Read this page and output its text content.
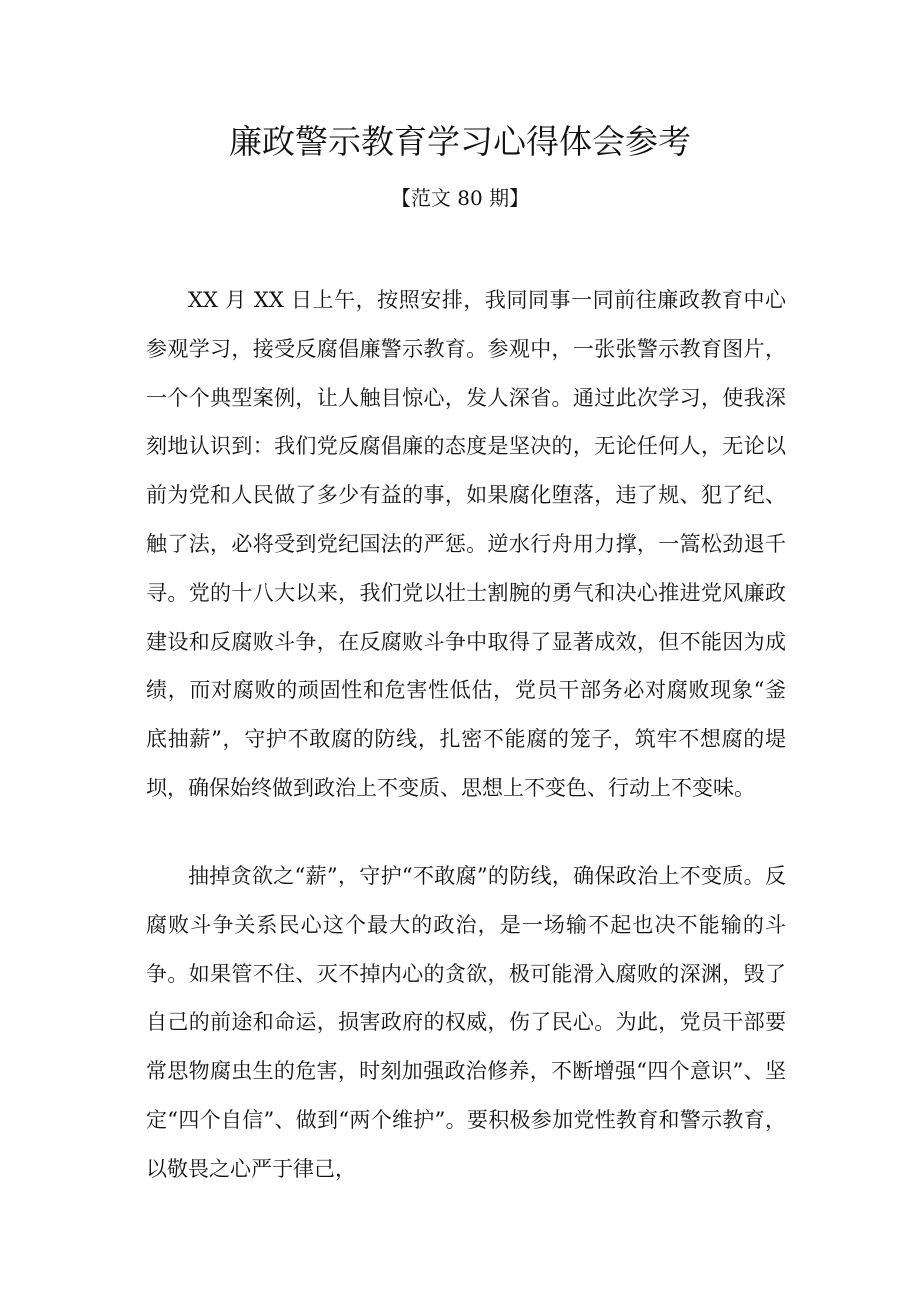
廉政警示教育学习心得体会参考
【范文 80 期】

XX 月 XX 日上午，按照安排，我同同事一同前往廉政教育中心参观学习，接受反腐倡廉警示教育。参观中，一张张警示教育图片，一个个典型案例，让人触目惊心，发人深省。通过此次学习，使我深刻地认识到：我们党反腐倡廉的态度是坚决的，无论任何人，无论以前为党和人民做了多少有益的事，如果腐化堕落，违了规、犯了纪、触了法，必将受到党纪国法的严惩。逆水行舟用力撑，一篙松劲退千寻。党的十八大以来，我们党以壮士割腕的勇气和决心推进党风廉政建设和反腐败斗争，在反腐败斗争中取得了显著成效，但不能因为成绩，而对腐败的顽固性和危害性低估，党员干部务必对腐败现象“釜底抽薪”，守护不敢腐的防线，扎密不能腐的笼子，筑牢不想腐的堤坝，确保始终做到政治上不变质、思想上不变色、行动上不变味。

抽掉贪欲之“薪”，守护“不敢腐”的防线，确保政治上不变质。反腐败斗争关系民心这个最大的政治，是一场输不起也决不能输的斗争。如果管不住、灭不掉内心的贪欲，极可能滑入腐败的深渊，毁了自己的前途和命运，损害政府的权威，伤了民心。为此，党员干部要常思物腐虫生的危害，时刻加强政治修养，不断增强“四个意识”、坚定“四个自信”、做到“两个维护”。要积极参加党性教育和警示教育，以敬畏之心严于律己，
